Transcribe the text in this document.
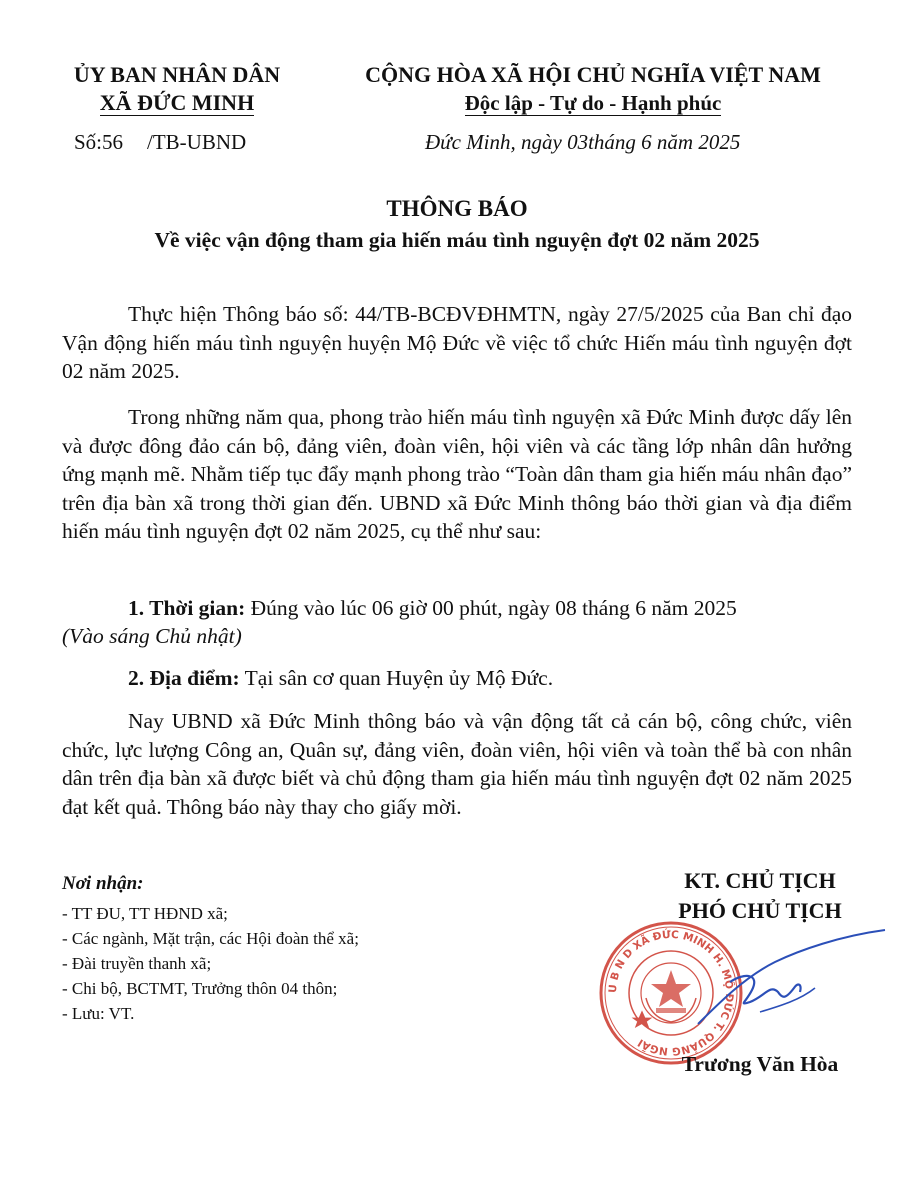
ỦY BAN NHÂN DÂN
XÃ ĐỨC MINH
Số:56 /TB-UBND
CỘNG HÒA XÃ HỘI CHỦ NGHĨA VIỆT NAM
Độc lập - Tự do - Hạnh phúc
Đức Minh, ngày 03tháng 6 năm 2025
THÔNG BÁO
Về việc vận động tham gia hiến máu tình nguyện đợt 02 năm 2025
Thực hiện Thông báo số: 44/TB-BCĐVĐHMTN, ngày 27/5/2025 của Ban chỉ đạo Vận động hiến máu tình nguyện huyện Mộ Đức về việc tổ chức Hiến máu tình nguyện đợt 02 năm 2025.
Trong những năm qua, phong trào hiến máu tình nguyện xã Đức Minh được dấy lên và được đông đảo cán bộ, đảng viên, đoàn viên, hội viên và các tầng lớp nhân dân hưởng ứng mạnh mẽ. Nhằm tiếp tục đẩy mạnh phong trào “Toàn dân tham gia hiến máu nhân đạo” trên địa bàn xã trong thời gian đến. UBND xã Đức Minh thông báo thời gian và địa điểm hiến máu tình nguyện đợt 02 năm 2025, cụ thể như sau:
1. Thời gian: Đúng vào lúc 06 giờ 00 phút, ngày 08 tháng 6 năm 2025
(Vào sáng Chủ nhật)
2. Địa điểm: Tại sân cơ quan Huyện ủy Mộ Đức.
Nay UBND xã Đức Minh thông báo và vận động tất cả cán bộ, công chức, viên chức, lực lượng Công an, Quân sự, đảng viên, đoàn viên, hội viên và toàn thể bà con nhân dân trên địa bàn xã được biết và chủ động tham gia hiến máu tình nguyện đợt 02 năm 2025 đạt kết quả. Thông báo này thay cho giấy mời.
Nơi nhận:
- TT ĐU, TT HĐND xã;
- Các ngành, Mặt trận, các Hội đoàn thể xã;
- Đài truyền thanh xã;
- Chi bộ, BCTMT, Trưởng thôn 04 thôn;
- Lưu: VT.
KT. CHỦ TỊCH
PHÓ CHỦ TỊCH
U B N D XÃ ĐỨC MINH H. MỘ ĐỨC T. QUẢNG NGÃI
Trương Văn Hòa
